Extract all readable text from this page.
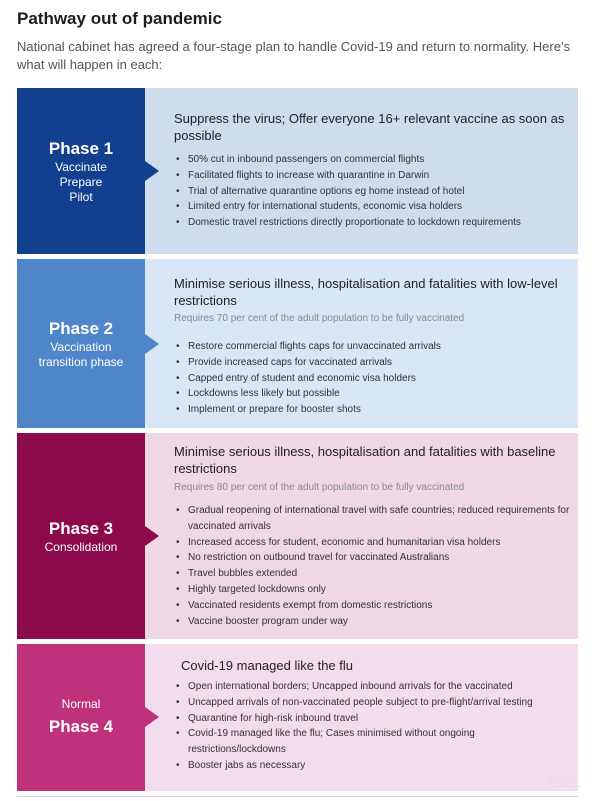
Pathway out of pandemic
National cabinet has agreed a four-stage plan to handle Covid-19 and return to normality. Here’s what will happen in each:
Phase 1
Vaccinate
Prepare
Pilot
Suppress the virus; Offer everyone 16+ relevant vaccine as soon as possible
• 50% cut in inbound passengers on commercial flights
• Facilitated flights to increase with quarantine in Darwin
• Trial of alternative quarantine options eg home instead of hotel
• Limited entry for international students, economic visa holders
• Domestic travel restrictions directly proportionate to lockdown requirements
Phase 2
Vaccination
transition phase
Minimise serious illness, hospitalisation and fatalities with low-level restrictions
Requires 70 per cent of the adult population to be fully vaccinated
• Restore commercial flights caps for unvaccinated arrivals
• Provide increased caps for vaccinated arrivals
• Capped entry of student and economic visa holders
• Lockdowns less likely but possible
• Implement or prepare for booster shots
Phase 3
Consolidation
Minimise serious illness, hospitalisation and fatalities with baseline restrictions
Requires 80 per cent of the adult population to be fully vaccinated
• Gradual reopening of international travel with safe countries; reduced requirements for vaccinated arrivals
• Increased access for student, economic and humanitarian visa holders
• No restriction on outbound travel for vaccinated Australians
• Travel bubbles extended
• Highly targeted lockdowns only
• Vaccinated residents exempt from domestic restrictions
• Vaccine booster program under way
Normal
Phase 4
Covid-19 managed like the flu
• Open international borders; Uncapped inbound arrivals for the vaccinated
• Uncapped arrivals of non-vaccinated people subject to pre-flight/arrival testing
• Quarantine for high-risk inbound travel
• Covid-19 managed like the flu; Cases minimised without ongoing restrictions/lockdowns
• Booster jabs as necessary
Chi...
